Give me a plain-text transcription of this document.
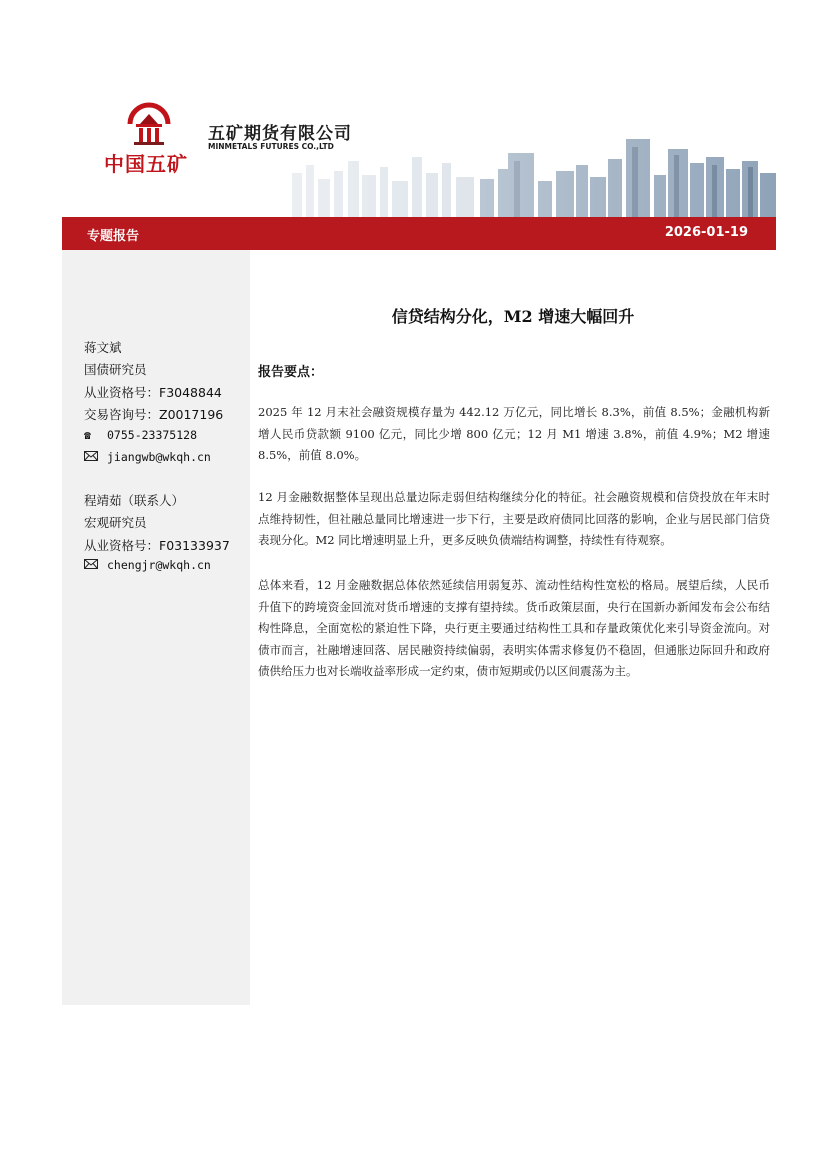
中国五矿
五矿期货有限公司
MINMETALS FUTURES CO.,LTD
专题报告	2026-01-19
蒋文斌
国债研究员
从业资格号：F3048844
交易咨询号：Z0017196
☎ 0755-23375128
jiangwb@wkqh.cn
程靖茹（联系人）
宏观研究员
从业资格号：F03133937
chengjr@wkqh.cn
信贷结构分化，M2 增速大幅回升
报告要点：
2025 年 12 月末社会融资规模存量为 442.12 万亿元，同比增长 8.3%，前值 8.5%；金融机构新增人民币贷款额 9100 亿元，同比少增 800 亿元；12 月 M1 增速 3.8%，前值 4.9%；M2 增速 8.5%，前值 8.0%。
12 月金融数据整体呈现出总量边际走弱但结构继续分化的特征。社会融资规模和信贷投放在年末时点维持韧性，但社融总量同比增速进一步下行，主要是政府债同比回落的影响，企业与居民部门信贷表现分化。M2 同比增速明显上升，更多反映负债端结构调整，持续性有待观察。
总体来看，12 月金融数据总体依然延续信用弱复苏、流动性结构性宽松的格局。展望后续，人民币升值下的跨境资金回流对货币增速的支撑有望持续。货币政策层面，央行在国新办新闻发布会公布结构性降息，全面宽松的紧迫性下降，央行更主要通过结构性工具和存量政策优化来引导资金流向。对债市而言，社融增速回落、居民融资持续偏弱，表明实体需求修复仍不稳固，但通胀边际回升和政府债供给压力也对长端收益率形成一定约束，债市短期或仍以区间震荡为主。
